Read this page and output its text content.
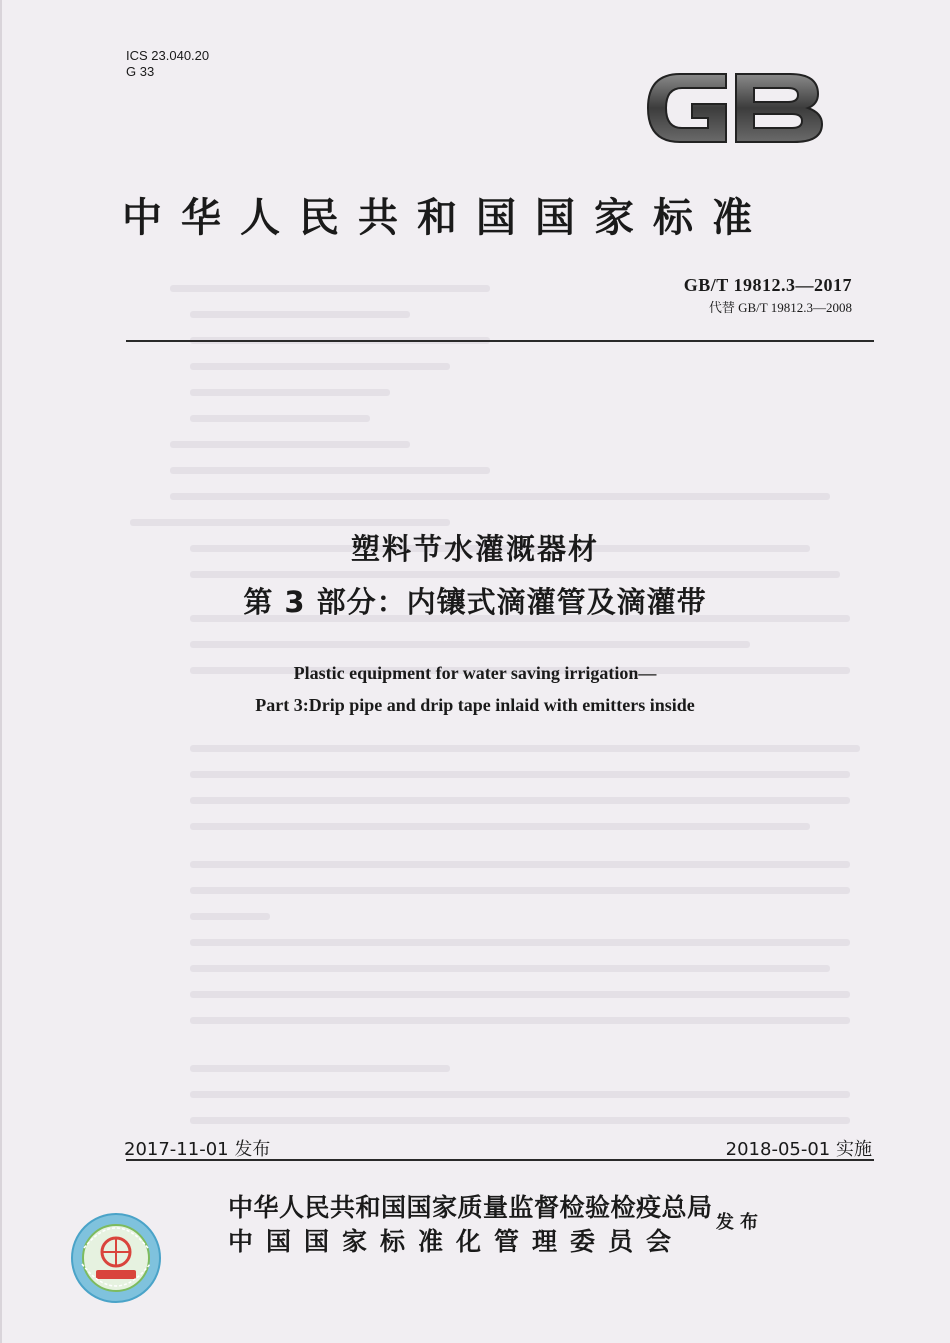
ICS 23.040.20
G 33
中华人民共和国国家标准
GB/T 19812.3—2017
代替 GB/T 19812.3—2008
塑料节水灌溉器材
第 3 部分：内镶式滴灌管及滴灌带
Plastic equipment for water saving irrigation—
Part 3:Drip pipe and drip tape inlaid with emitters inside
2017-11-01 发布	2018-05-01 实施
中华人民共和国国家质量监督检验检疫总局
中国国家标准化管理委员会
发布
